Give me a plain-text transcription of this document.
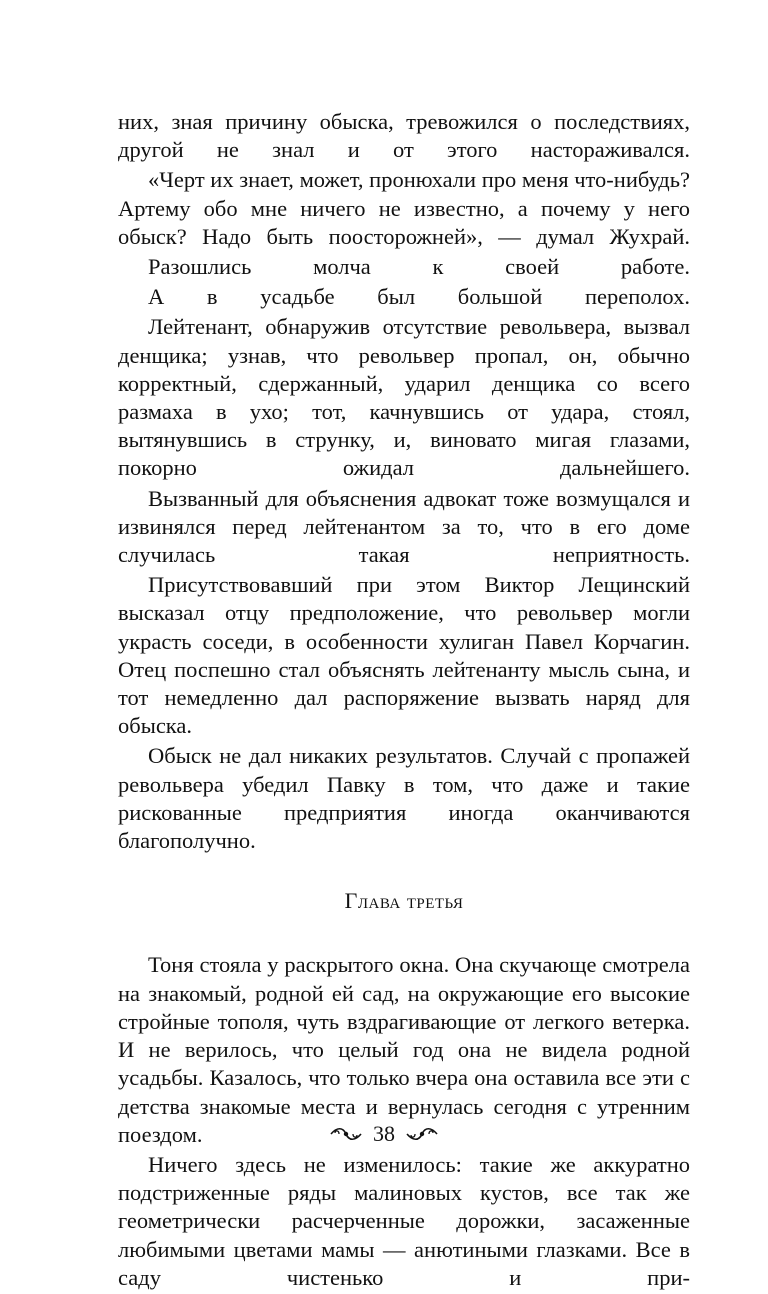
них, зная причину обыска, тревожился о последствиях, другой не знал и от этого настораживался.

«Черт их знает, может, пронюхали про меня что-нибудь? Артему обо мне ничего не известно, а почему у него обыск? Надо быть поосторожней», — думал Жухрай.

Разошлись молча к своей работе.

А в усадьбе был большой переполох.

Лейтенант, обнаружив отсутствие револьвера, вызвал денщика; узнав, что револьвер пропал, он, обычно корректный, сдержанный, ударил денщика со всего размаха в ухо; тот, качнувшись от удара, стоял, вытянувшись в струнку, и, виновато мигая глазами, покорно ожидал дальнейшего.

Вызванный для объяснения адвокат тоже возмущался и извинялся перед лейтенантом за то, что в его доме случилась такая неприятность.

Присутствовавший при этом Виктор Лещинский высказал отцу предположение, что револьвер могли украсть соседи, в особенности хулиган Павел Корчагин. Отец поспешно стал объяснять лейтенанту мысль сына, и тот немедленно дал распоряжение вызвать наряд для обыска.

Обыск не дал никаких результатов. Случай с пропажей револьвера убедил Павку в том, что даже и такие рискованные предприятия иногда оканчиваются благополучно.

Глава третья

Тоня стояла у раскрытого окна. Она скучающе смотрела на знакомый, родной ей сад, на окружающие его высокие стройные тополя, чуть вздрагивающие от легкого ветерка. И не верилось, что целый год она не видела родной усадьбы. Казалось, что только вчера она оставила все эти с детства знакомые места и вернулась сегодня с утренним поездом.

Ничего здесь не изменилось: такие же аккуратно подстриженные ряды малиновых кустов, все так же геометрически расчерченные дорожки, засаженные любимыми цветами мамы — анютиными глазками. Все в саду чистенько и при-

38
